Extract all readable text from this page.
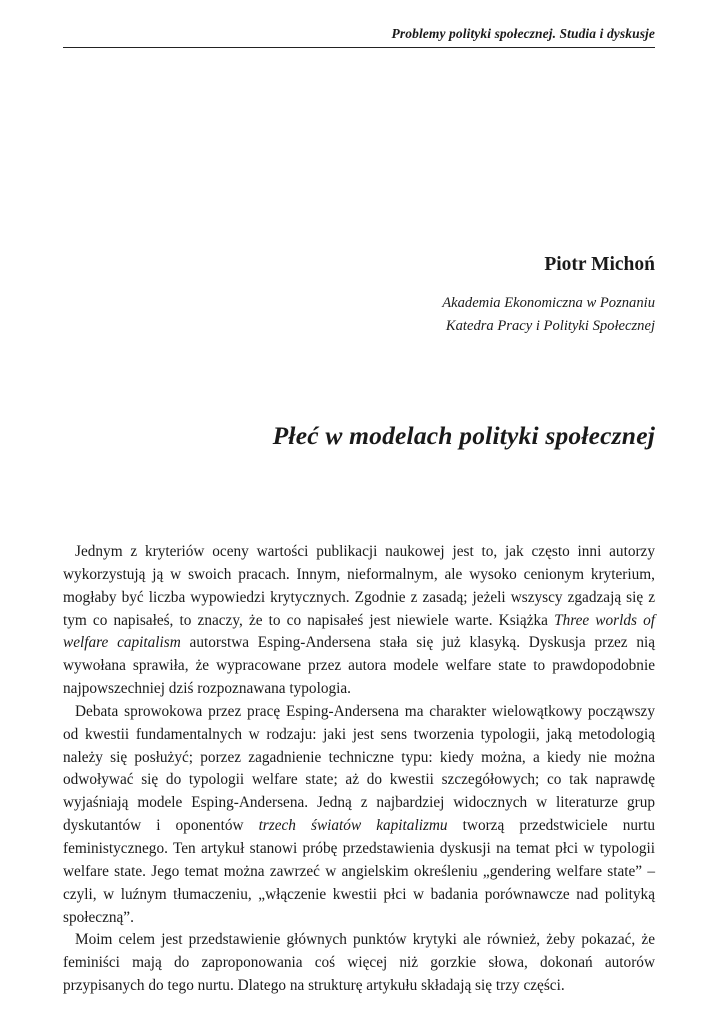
Problemy polityki społecznej. Studia i dyskusje
Piotr Michoń
Akademia Ekonomiczna w Poznaniu
Katedra Pracy i Polityki Społecznej
Płeć w modelach polityki społecznej

Jednym z kryteriów oceny wartości publikacji naukowej jest to, jak często inni autorzy wykorzystują ją w swoich pracach. Innym, nieformalnym, ale wysoko cenionym kryterium, mogłaby być liczba wypowiedzi krytycznych. Zgodnie z zasadą; jeżeli wszyscy zgadzają się z tym co napisałeś, to znaczy, że to co napisałeś jest niewiele warte. Książka Three worlds of welfare capitalism autorstwa Esping-Andersena stała się już klasyką. Dyskusja przez nią wywołana sprawiła, że wypracowane przez autora modele welfare state to prawdopodobnie najpowszechniej dziś rozpoznawana typologia.

Debata sprowokowa przez pracę Esping-Andersena ma charakter wielowątkowy począwszy od kwestii fundamentalnych w rodzaju: jaki jest sens tworzenia typologii, jaką metodologią należy się posłużyć; porzez zagadnienie techniczne typu: kiedy można, a kiedy nie można odwoływać się do typologii welfare state; aż do kwestii szczegółowych; co tak naprawdę wyjaśniają modele Esping-Andersena. Jedną z najbardziej widocznych w literaturze grup dyskutantów i oponentów trzech światów kapitalizmu tworzą przedstwiciele nurtu feministycznego. Ten artykuł stanowi próbę przedstawienia dyskusji na temat płci w typologii welfare state. Jego temat można zawrzeć w angielskim określeniu „gendering welfare state” – czyli, w luźnym tłumaczeniu, „włączenie kwestii płci w badania porównawcze nad polityką społeczną”.

Moim celem jest przedstawienie głównych punktów krytyki ale również, żeby pokazać, że feminiści mają do zaproponowania coś więcej niż gorzkie słowa, dokonań autorów przypisanych do tego nurtu. Dlatego na strukturę artykułu składają się trzy części.
